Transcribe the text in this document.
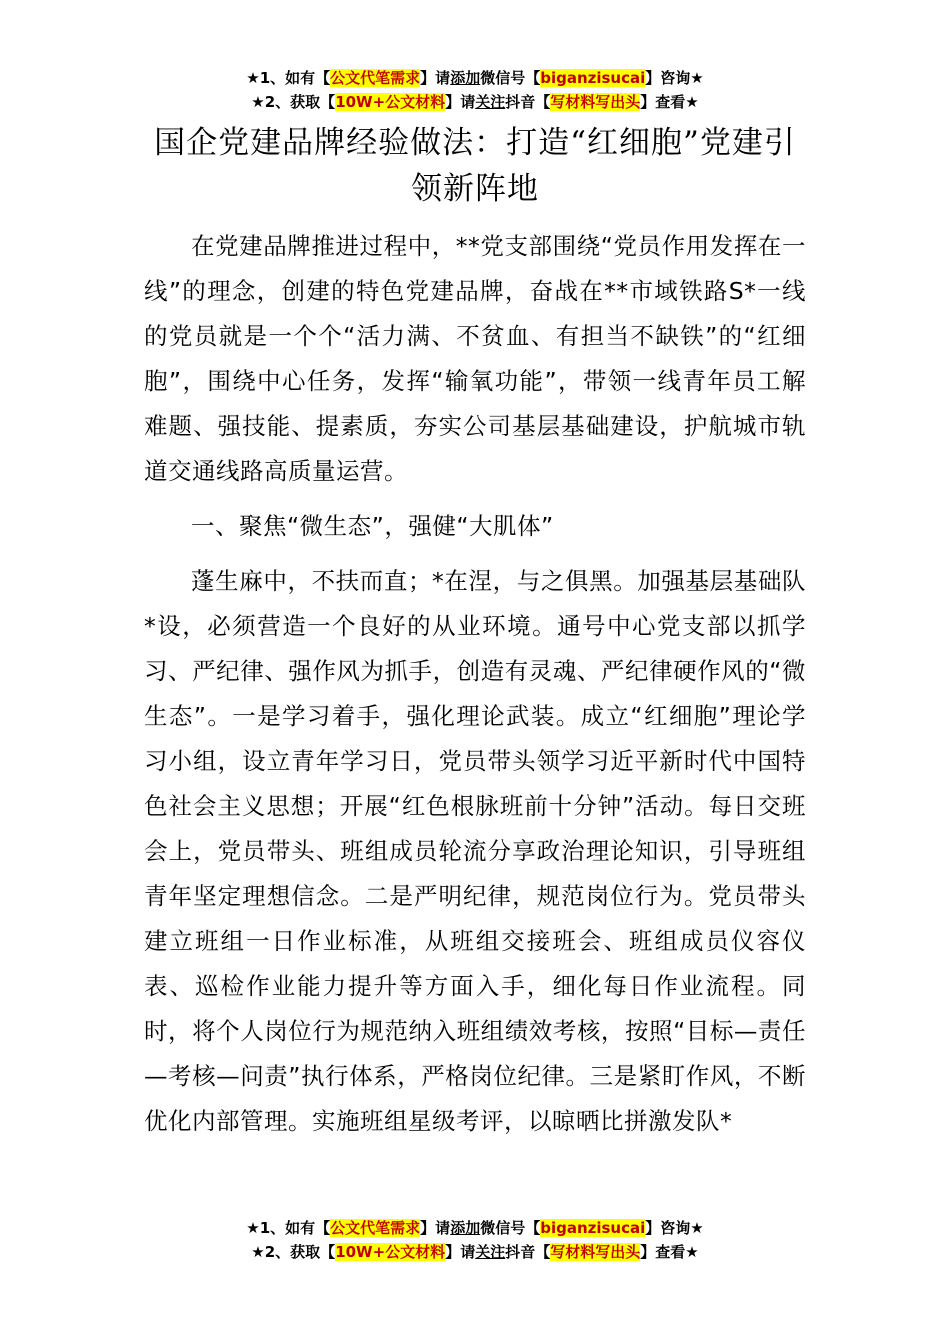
★1、如有【公文代笔需求】请添加微信号【biganzisucai】咨询★
★2、获取【10W+公文材料】请关注抖音【写材料写出头】查看★
国企党建品牌经验做法：打造“红细胞”党建引领新阵地

在党建品牌推进过程中，**党支部围绕“党员作用发挥在一线”的理念，创建的特色党建品牌，奋战在**市域铁路S*一线的党员就是一个个“活力满、不贫血、有担当不缺铁”的“红细胞”，围绕中心任务，发挥“输氧功能”，带领一线青年员工解难题、强技能、提素质，夯实公司基层基础建设，护航城市轨道交通线路高质量运营。

一、聚焦“微生态”，强健“大肌体”

蓬生麻中，不扶而直；*在涅，与之俱黑。加强基层基础队*设，必须营造一个良好的从业环境。通号中心党支部以抓学习、严纪律、强作风为抓手，创造有灵魂、严纪律硬作风的“微生态”。一是学习着手，强化理论武装。成立“红细胞”理论学习小组，设立青年学习日，党员带头领学习近平新时代中国特色社会主义思想；开展“红色根脉班前十分钟”活动。每日交班会上，党员带头、班组成员轮流分享政治理论知识，引导班组青年坚定理想信念。二是严明纪律，规范岗位行为。党员带头建立班组一日作业标准，从班组交接班会、班组成员仪容仪表、巡检作业能力提升等方面入手，细化每日作业流程。同时，将个人岗位行为规范纳入班组绩效考核，按照“目标—责任—考核—问责”执行体系，严格岗位纪律。三是紧盯作风，不断优化内部管理。实施班组星级考评，以晾晒比拼激发队*

★1、如有【公文代笔需求】请添加微信号【biganzisucai】咨询★
★2、获取【10W+公文材料】请关注抖音【写材料写出头】查看★
